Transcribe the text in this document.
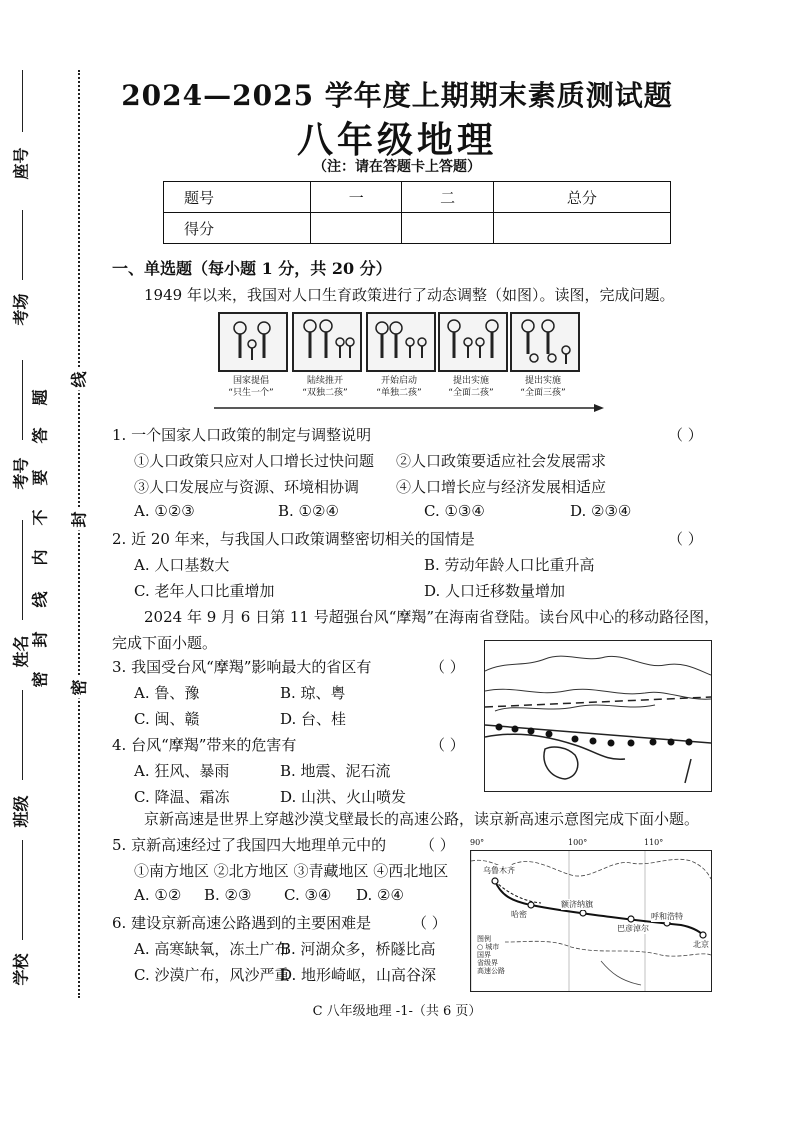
座号
考场
考号
姓名
班级
学校
题
答
要
不
内
线
封
密
线
封
密
2024—2025 学年度上期期末素质测试题
八年级地理
（注：请在答题卡上答题）
题号	一	二	总分
得分			
一、单选题（每小题 1 分，共 20 分）
1949 年以来，我国对人口生育政策进行了动态调整（如图）。读图，完成问题。
国家提倡
“只生一个”
陆续推开
“双独二孩”
开始启动
“单独二孩”
提出实施
“全面二孩”
提出实施
“全面三孩”
1. 一个国家人口政策的制定与调整说明	（ ）
①人口政策只应对人口增长过快问题 ②人口政策要适应社会发展需求
③人口发展应与资源、环境相协调 ④人口增长应与经济发展相适应
A. ①②③	B. ①②④	C. ①③④	D. ②③④
2. 近 20 年来，与我国人口政策调整密切相关的国情是	（ ）
A. 人口基数大	B. 劳动年龄人口比重升高
C. 老年人口比重增加	D. 人口迁移数量增加
2024 年 9 月 6 日第 11 号超强台风“摩羯”在海南省登陆。读台风中心的移动路径图，
完成下面小题。
3. 我国受台风“摩羯”影响最大的省区有	（ ）
A. 鲁、豫	B. 琼、粤
C. 闽、赣	D. 台、桂
4. 台风“摩羯”带来的危害有	（ ）
A. 狂风、暴雨	B. 地震、泥石流
C. 降温、霜冻	D. 山洪、火山喷发
京新高速是世界上穿越沙漠戈壁最长的高速公路，读京新高速示意图完成下面小题。
5. 京新高速经过了我国四大地理单元中的 （ ）
①南方地区 ②北方地区 ③青藏地区 ④西北地区
A. ①② B. ②③ C. ③④ D. ②④
6. 建设京新高速公路遇到的主要困难是	（ ）
A. 高寒缺氧，冻土广布
B. 河湖众多，桥隧比高
C. 沙漠广布，风沙严重
D. 地形崎岖，山高谷深
90°	100°	110°
乌鲁木齐
哈密
额济纳旗
巴彦淖尔
呼和浩特
北京
图例
○ 城市
国界
省级界
高速公路
C 八年级地理 -1-（共 6 页）
